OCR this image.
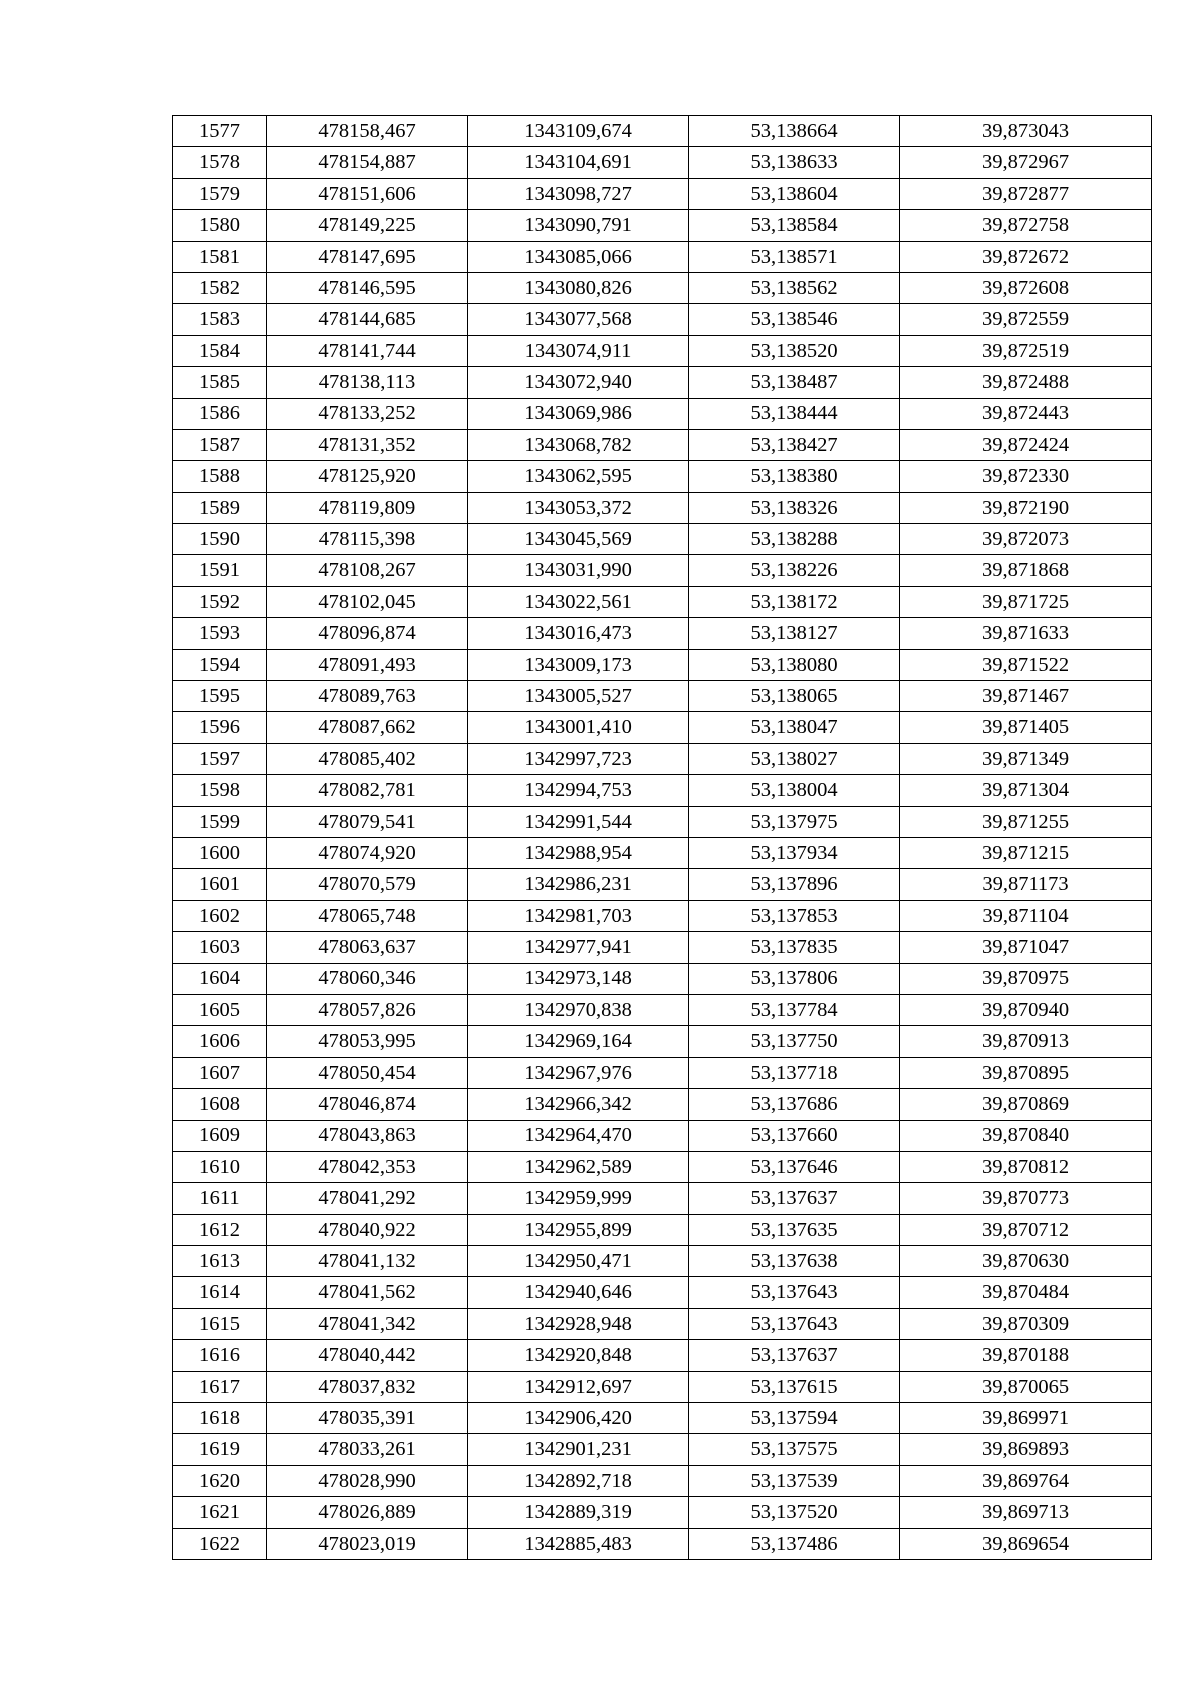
1577	478158,467	1343109,674	53,138664	39,873043
1578	478154,887	1343104,691	53,138633	39,872967
1579	478151,606	1343098,727	53,138604	39,872877
1580	478149,225	1343090,791	53,138584	39,872758
1581	478147,695	1343085,066	53,138571	39,872672
1582	478146,595	1343080,826	53,138562	39,872608
1583	478144,685	1343077,568	53,138546	39,872559
1584	478141,744	1343074,911	53,138520	39,872519
1585	478138,113	1343072,940	53,138487	39,872488
1586	478133,252	1343069,986	53,138444	39,872443
1587	478131,352	1343068,782	53,138427	39,872424
1588	478125,920	1343062,595	53,138380	39,872330
1589	478119,809	1343053,372	53,138326	39,872190
1590	478115,398	1343045,569	53,138288	39,872073
1591	478108,267	1343031,990	53,138226	39,871868
1592	478102,045	1343022,561	53,138172	39,871725
1593	478096,874	1343016,473	53,138127	39,871633
1594	478091,493	1343009,173	53,138080	39,871522
1595	478089,763	1343005,527	53,138065	39,871467
1596	478087,662	1343001,410	53,138047	39,871405
1597	478085,402	1342997,723	53,138027	39,871349
1598	478082,781	1342994,753	53,138004	39,871304
1599	478079,541	1342991,544	53,137975	39,871255
1600	478074,920	1342988,954	53,137934	39,871215
1601	478070,579	1342986,231	53,137896	39,871173
1602	478065,748	1342981,703	53,137853	39,871104
1603	478063,637	1342977,941	53,137835	39,871047
1604	478060,346	1342973,148	53,137806	39,870975
1605	478057,826	1342970,838	53,137784	39,870940
1606	478053,995	1342969,164	53,137750	39,870913
1607	478050,454	1342967,976	53,137718	39,870895
1608	478046,874	1342966,342	53,137686	39,870869
1609	478043,863	1342964,470	53,137660	39,870840
1610	478042,353	1342962,589	53,137646	39,870812
1611	478041,292	1342959,999	53,137637	39,870773
1612	478040,922	1342955,899	53,137635	39,870712
1613	478041,132	1342950,471	53,137638	39,870630
1614	478041,562	1342940,646	53,137643	39,870484
1615	478041,342	1342928,948	53,137643	39,870309
1616	478040,442	1342920,848	53,137637	39,870188
1617	478037,832	1342912,697	53,137615	39,870065
1618	478035,391	1342906,420	53,137594	39,869971
1619	478033,261	1342901,231	53,137575	39,869893
1620	478028,990	1342892,718	53,137539	39,869764
1621	478026,889	1342889,319	53,137520	39,869713
1622	478023,019	1342885,483	53,137486	39,869654
